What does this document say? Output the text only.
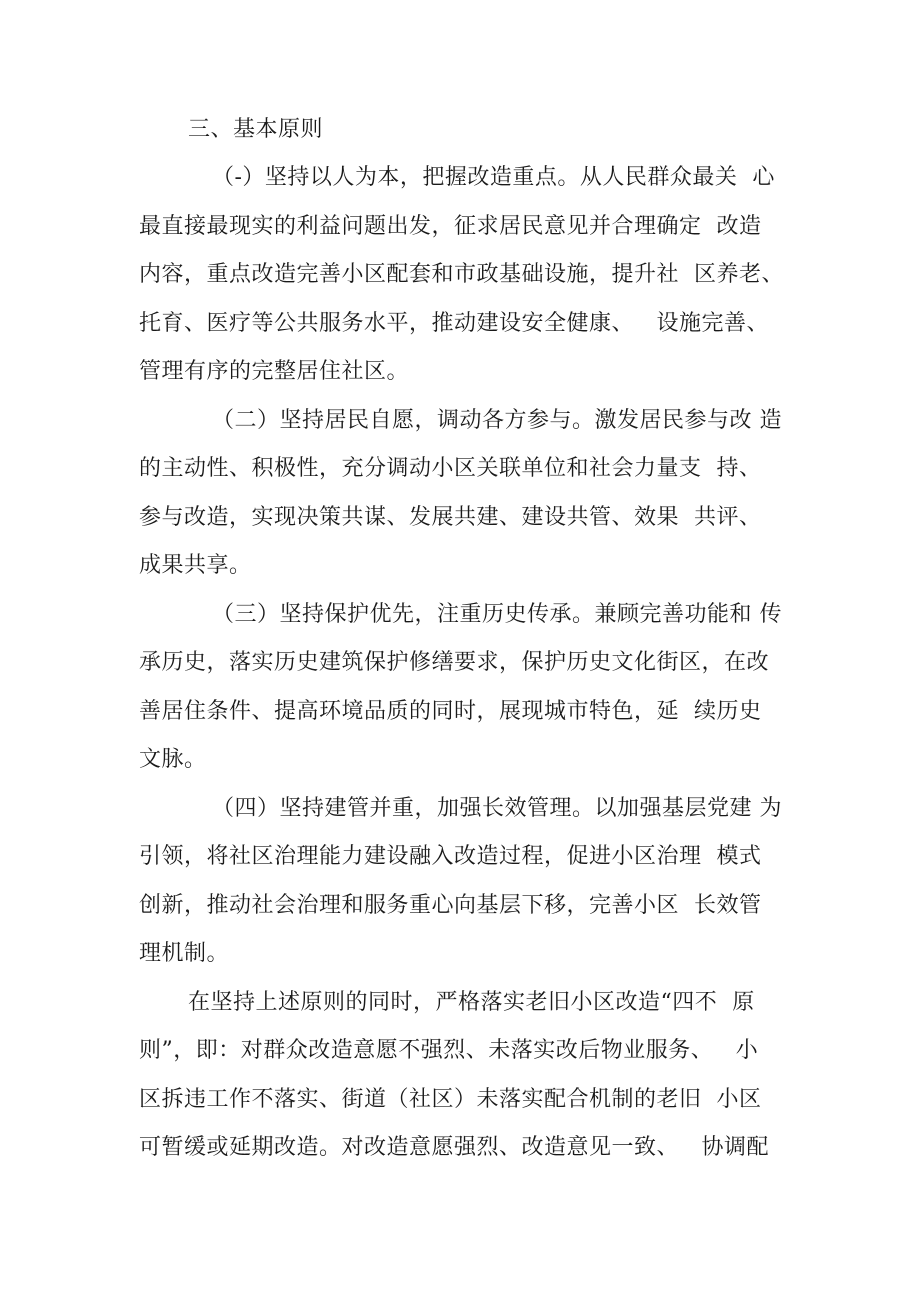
三、基本原则
（-）坚持以人为本，把握改造重点。从人民群众最关  心
最直接最现实的利益问题出发，征求居民意见并合理确定  改造
内容，重点改造完善小区配套和市政基础设施，提升社  区养老、
托育、医疗等公共服务水平，推动建设安全健康、   设施完善、
管理有序的完整居住社区。
（二）坚持居民自愿，调动各方参与。激发居民参与改 造
的主动性、积极性，充分调动小区关联单位和社会力量支  持、
参与改造，实现决策共谋、发展共建、建设共管、效果  共评、
成果共享。
（三）坚持保护优先，注重历史传承。兼顾完善功能和 传
承历史，落实历史建筑保护修缮要求，保护历史文化街区，在改
善居住条件、提高环境品质的同时，展现城市特色，延  续历史
文脉。
（四）坚持建管并重，加强长效管理。以加强基层党建 为
引领，将社区治理能力建设融入改造过程，促进小区治理  模式
创新，推动社会治理和服务重心向基层下移，完善小区  长效管
理机制。
在坚持上述原则的同时，严格落实老旧小区改造“四不  原
则”，即：对群众改造意愿不强烈、未落实改后物业服务、   小
区拆违工作不落实、街道（社区）未落实配合机制的老旧  小区
可暂缓或延期改造。对改造意愿强烈、改造意见一致、   协调配
